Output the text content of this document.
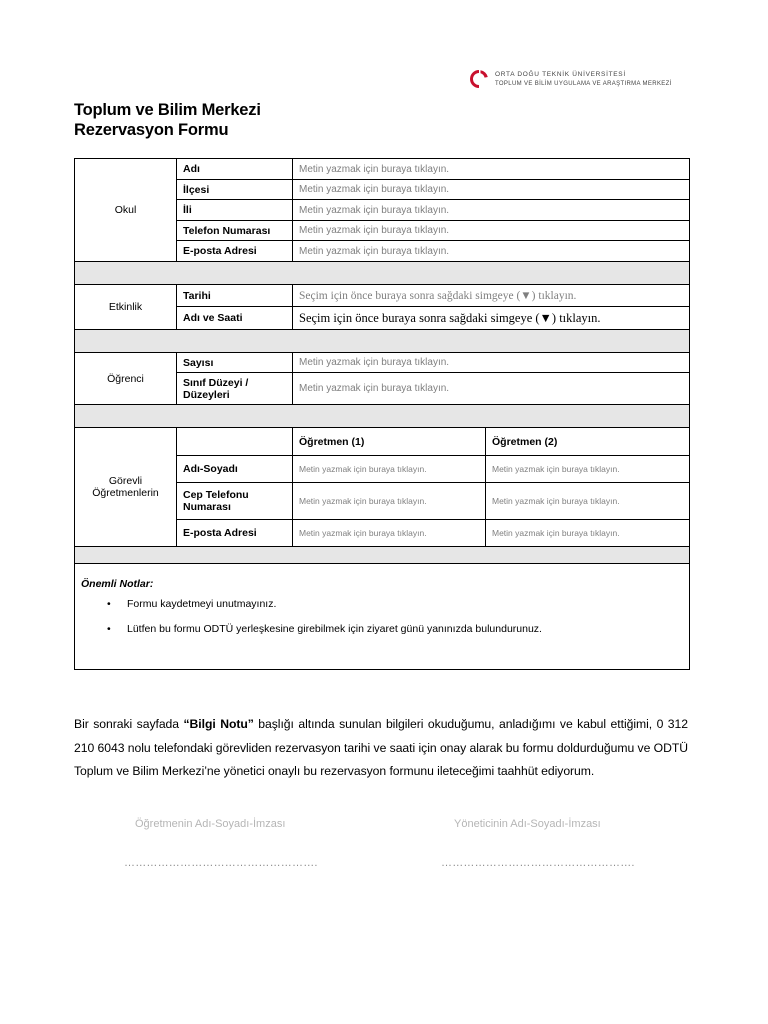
ORTA DOĞU TEKNİK ÜNİVERSİTESİ
TOPLUM VE BİLİM UYGULAMA VE ARAŞTIRMA MERKEZİ
Toplum ve Bilim Merkezi
Rezervasyon Formu
Okul	Adı	Metin yazmak için buraya tıklayın.	
	İlçesi	Metin yazmak için buraya tıklayın.	
	İli	Metin yazmak için buraya tıklayın.	
	Telefon Numarası	Metin yazmak için buraya tıklayın.	
	E-posta Adresi	Metin yazmak için buraya tıklayın.	

Etkinlik	Tarihi	Seçim için önce buraya sonra sağdaki simgeye (▼) tıklayın.	
	Adı ve Saati	Seçim için önce buraya sonra sağdaki simgeye (▼) tıklayın.	

Öğrenci	Sayısı	Metin yazmak için buraya tıklayın.	
	Sınıf Düzeyi / Düzeyleri	Metin yazmak için buraya tıklayın.	

Görevli Öğretmenlerin		Öğretmen (1)	Öğretmen (2)
	Adı-Soyadı	Metin yazmak için buraya tıklayın.	Metin yazmak için buraya tıklayın.
	Cep Telefonu Numarası	Metin yazmak için buraya tıklayın.	Metin yazmak için buraya tıklayın.
	E-posta Adresi	Metin yazmak için buraya tıklayın.	Metin yazmak için buraya tıklayın.

Önemli Notlar:
• Formu kaydetmeyi unutmayınız.
• Lütfen bu formu ODTÜ yerleşkesine girebilmek için ziyaret günü yanınızda bulundurunuz.			
Bir sonraki sayfada “Bilgi Notu” başlığı altında sunulan bilgileri okuduğumu, anladığımı ve kabul ettiğimi, 0 312 210 6043 nolu telefondaki görevliden rezervasyon tarihi ve saati için onay alarak bu formu doldurduğumu ve ODTÜ Toplum ve Bilim Merkezi’ne yönetici onaylı bu rezervasyon formunu ileteceğimi taahhüt ediyorum.
Öğretmenin Adı-Soyadı-İmzası	Yöneticinin Adı-Soyadı-İmzası
…………………………………………….	…………………………………………….
